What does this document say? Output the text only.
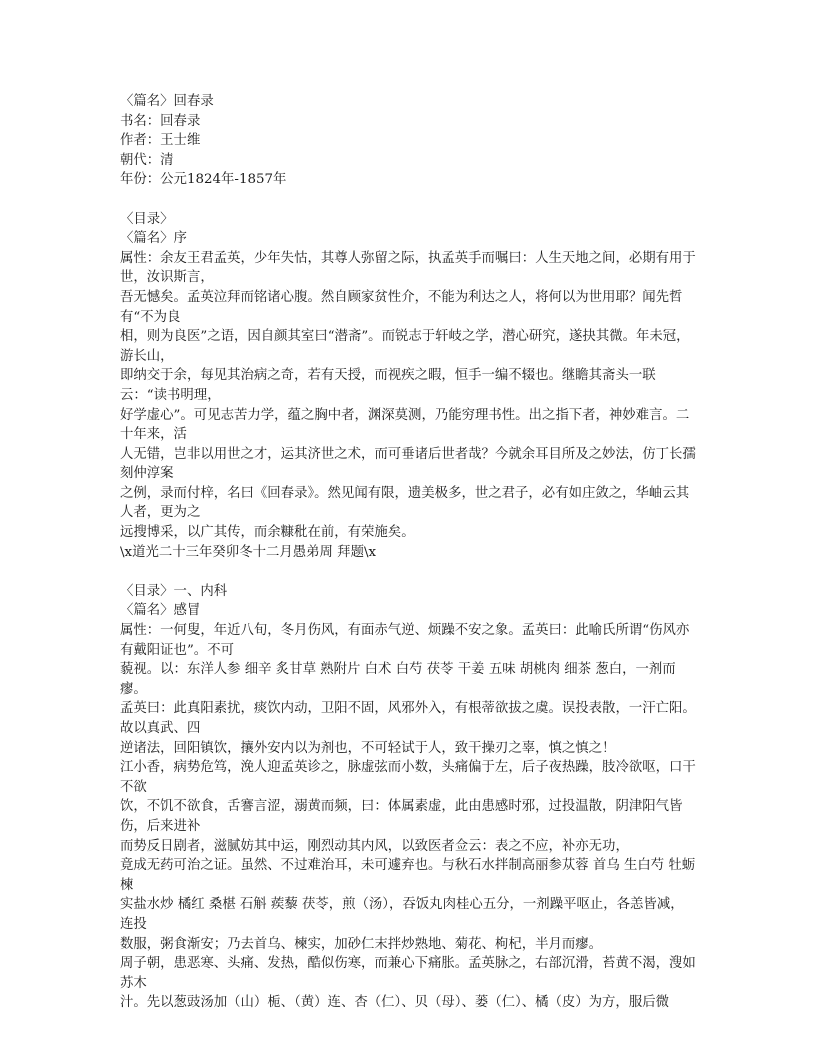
〈篇名〉回春录
书名：回春录
作者：王士维
朝代：清
年份：公元1824年-1857年
〈目录〉
〈篇名〉序
属性：余友王君孟英，少年失怙，其尊人弥留之际，执孟英手而嘱曰：人生天地之间，必期有用于世，汝识斯言，
吾无憾矣。孟英泣拜而铭诸心腹。然自顾家贫性介，不能为利达之人，将何以为世用耶？闻先哲有“不为良
相，则为良医”之语，因自颜其室曰“潜斋”。而锐志于轩岐之学，潜心研究，遂抉其微。年未冠，游长山，
即纳交于余，每见其治病之奇，若有天授，而视疾之暇，恒手一编不辍也。继瞻其斋头一联云：“读书明理，
好学虚心”。可见志苦力学，蕴之胸中者，渊深莫测，乃能穷理书性。出之指下者，神妙难言。二十年来，活
人无错，岂非以用世之才，运其济世之术，而可垂诸后世者哉？今就余耳目所及之妙法，仿丁长孺刻仲淳案
之例，录而付梓，名曰《回春录》。然见闻有限，遗美极多，世之君子，必有如庄敛之，华岫云其人者，更为之
远搜博采，以广其传，而余糠秕在前，有荣施矣。
\x道光二十三年癸卯冬十二月愚弟周 拜题\x
〈目录〉一、内科
〈篇名〉感冒
属性：一何叟，年近八旬，冬月伤风，有面赤气逆、烦躁不安之象。孟英曰：此喻氏所谓“伤风亦有戴阳证也”。不可
藐视。以：东洋人参 细辛 炙甘草 熟附片 白术 白芍 茯苓 干姜 五味 胡桃肉 细茶 葱白，一剂而瘳。
孟英曰：此真阳素扰，痰饮内动，卫阳不固，风邪外入，有根蒂欲拔之虞。误投表散，一汗亡阳。故以真武、四
逆诸法，回阳镇饮，攘外安内以为剂也，不可轻试于人，致干操刃之辜，慎之慎之！
江小香，病势危笃，浼人迎孟英诊之，脉虚弦而小数，头痛偏于左，后子夜热躁，肢冷欲呕，口干不欲
饮，不饥不欲食，舌謇言涩，溺黄而频，曰：体属素虚，此由患感时邪，过投温散，阴津阳气皆伤，后来进补
而势反日剧者，滋腻妨其中运，刚烈动其内风，以致医者佥云：表之不应，补亦无功，
竟成无药可治之证。虽然、不过难治耳，未可遽弃也。与秋石水拌制高丽参苁蓉 首乌 生白芍 牡蛎 楝
实盐水炒 橘红 桑椹 石斛 蒺藜 茯苓，煎（汤），吞饭丸肉桂心五分，一剂躁平呕止，各恙皆减，连投
数服，粥食渐安；乃去首乌、楝实，加砂仁末拌炒熟地、菊花、枸杞，半月而瘳。
周子朝，患恶寒、头痛、发热，酷似伤寒，而兼心下痛胀。孟英脉之，右部沉滑，苔黄不渴，溲如苏木
汁。先以葱豉汤加（山）栀、（黄）连、杏（仁）、贝（母）、蒌（仁）、橘（皮）为方，服后微
